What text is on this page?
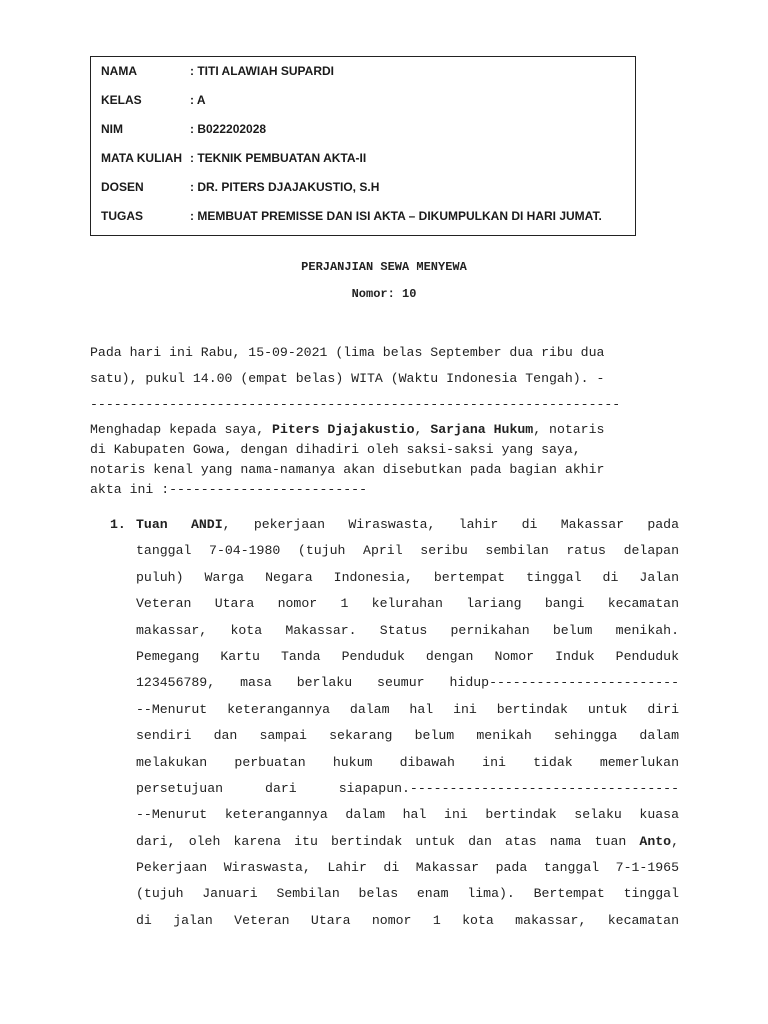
NAMA	: TITI ALAWIAH SUPARDI
KELAS	: A
NIM	: B022202028
MATA KULIAH : TEKNIK PEMBUATAN AKTA-II
DOSEN	: DR. PITERS DJAJAKUSTIO, S.H
TUGAS	: MEMBUAT PREMISSE DAN ISI AKTA – DIKUMPULKAN DI HARI JUMAT.
PERJANJIAN SEWA MENYEWA
Nomor: 10
Pada hari ini Rabu, 15-09-2021 (lima belas September dua ribu dua
satu), pukul 14.00 (empat belas) WITA (Waktu Indonesia Tengah). -
-------------------------------------------------------------------
Menghadap kepada saya, Piters Djajakustio, Sarjana Hukum, notaris
di Kabupaten Gowa, dengan dihadiri oleh saksi-saksi yang saya,
notaris kenal yang nama-namanya akan disebutkan pada bagian akhir
akta ini :-------------------------
1. Tuan ANDI, pekerjaan Wiraswasta, lahir di Makassar pada
tanggal 7-04-1980 (tujuh April seribu sembilan ratus delapan
puluh) Warga Negara Indonesia, bertempat tinggal di Jalan
Veteran Utara nomor 1 kelurahan lariang bangi kecamatan
makassar, kota Makassar. Status pernikahan belum menikah.
Pemegang Kartu Tanda Penduduk dengan Nomor Induk Penduduk
123456789, masa berlaku seumur hidup------------------------
--Menurut keterangannya dalam hal ini bertindak untuk diri
sendiri dan sampai sekarang belum menikah sehingga dalam
melakukan perbuatan hukum dibawah ini tidak memerlukan
persetujuan dari siapapun.----------------------------------
--Menurut keterangannya dalam hal ini bertindak selaku kuasa
dari, oleh karena itu bertindak untuk dan atas nama tuan Anto,
Pekerjaan Wiraswasta, Lahir di Makassar pada tanggal 7-1-1965
(tujuh Januari Sembilan belas enam lima). Bertempat tinggal
di jalan Veteran Utara nomor 1 kota makassar, kecamatan
